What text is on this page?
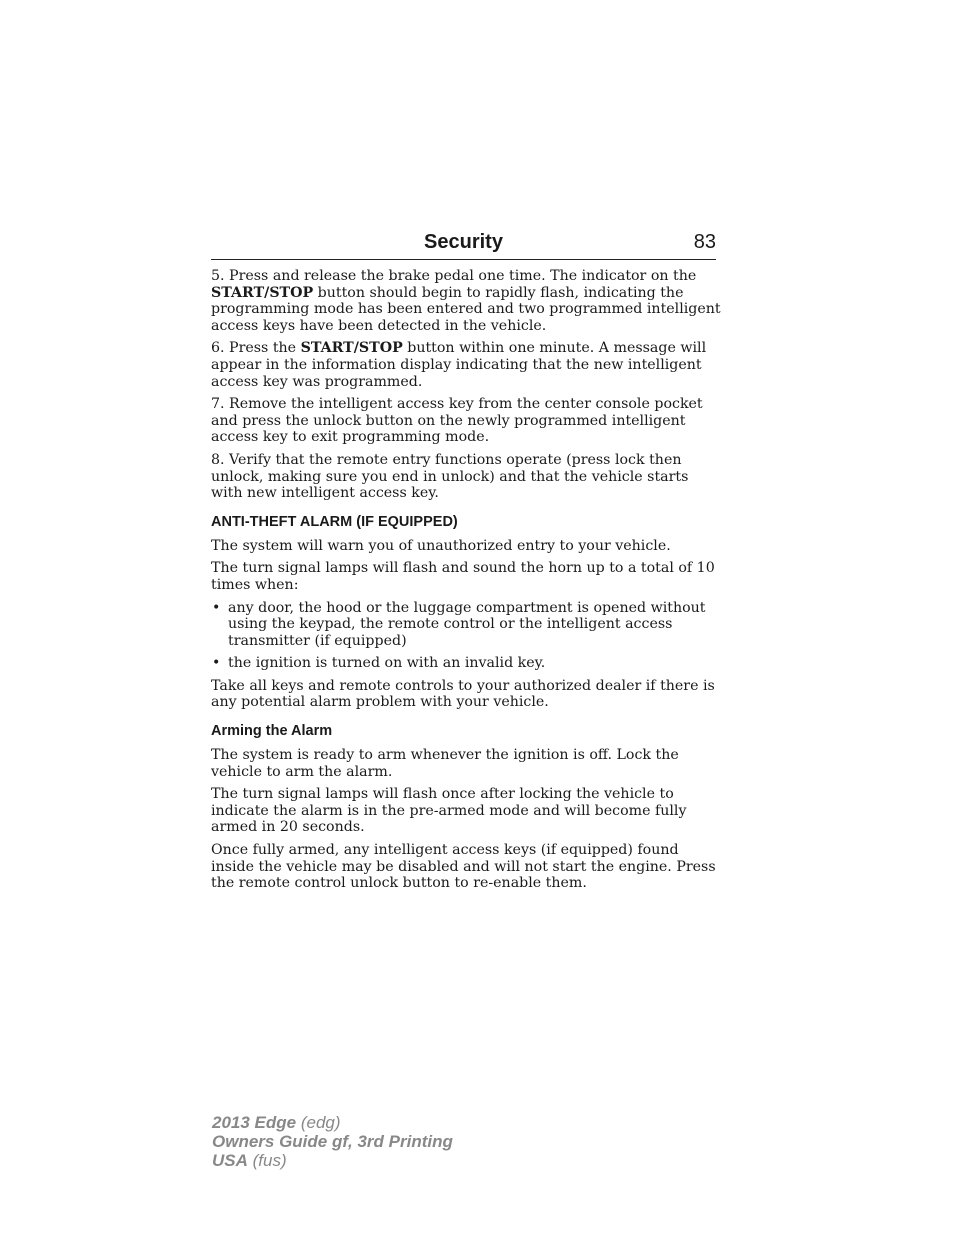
Security	83

5. Press and release the brake pedal one time. The indicator on the START/STOP button should begin to rapidly flash, indicating the programming mode has been entered and two programmed intelligent access keys have been detected in the vehicle.

6. Press the START/STOP button within one minute. A message will appear in the information display indicating that the new intelligent access key was programmed.

7. Remove the intelligent access key from the center console pocket and press the unlock button on the newly programmed intelligent access key to exit programming mode.

8. Verify that the remote entry functions operate (press lock then unlock, making sure you end in unlock) and that the vehicle starts with new intelligent access key.

ANTI-THEFT ALARM (IF EQUIPPED)

The system will warn you of unauthorized entry to your vehicle.

The turn signal lamps will flash and sound the horn up to a total of 10 times when:

• any door, the hood or the luggage compartment is opened without using the keypad, the remote control or the intelligent access transmitter (if equipped)
• the ignition is turned on with an invalid key.

Take all keys and remote controls to your authorized dealer if there is any potential alarm problem with your vehicle.

Arming the Alarm

The system is ready to arm whenever the ignition is off. Lock the vehicle to arm the alarm.

The turn signal lamps will flash once after locking the vehicle to indicate the alarm is in the pre-armed mode and will become fully armed in 20 seconds.

Once fully armed, any intelligent access keys (if equipped) found inside the vehicle may be disabled and will not start the engine. Press the remote control unlock button to re-enable them.

2013 Edge (edg)
Owners Guide gf, 3rd Printing
USA (fus)
